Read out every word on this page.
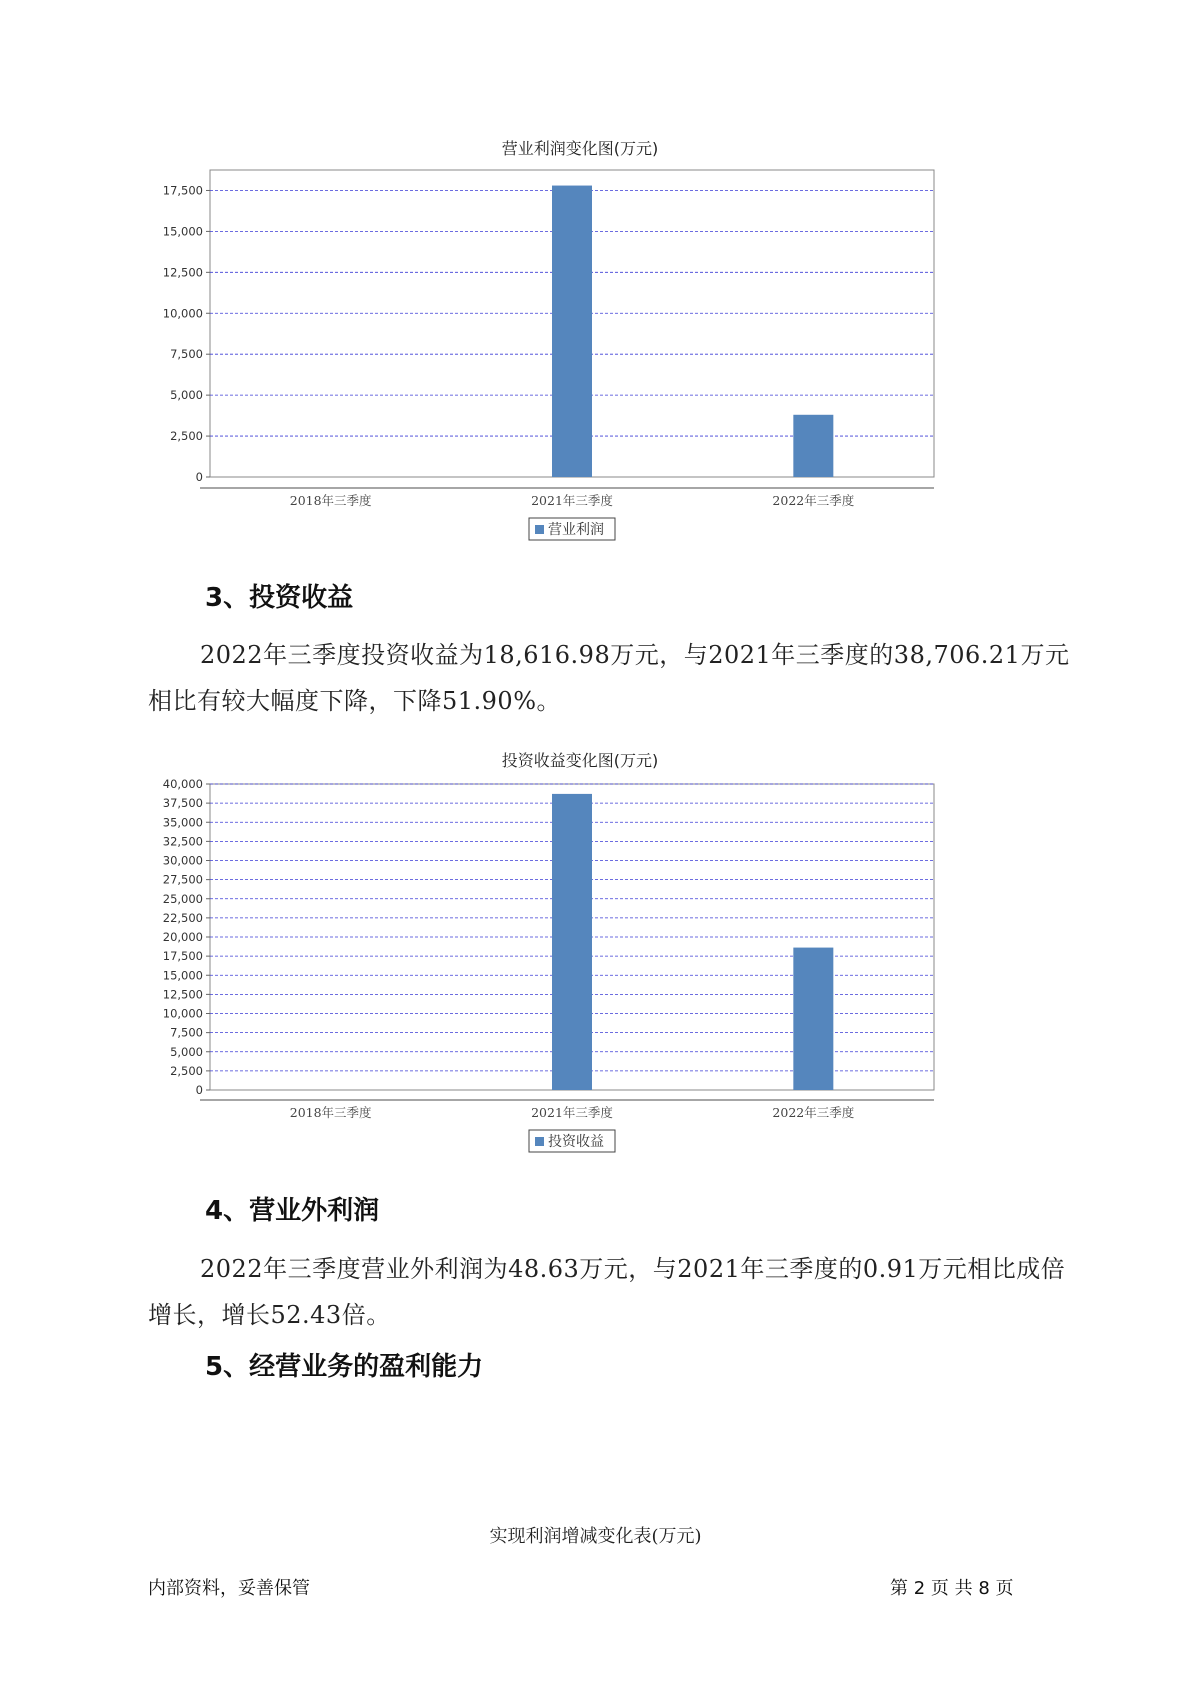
营业利润变化图(万元)
0
2,500
5,000
7,500
10,000
12,500
15,000
17,500
2018年三季度	2021年三季度	2022年三季度
营业利润
3、投资收益
2022年三季度投资收益为18,616.98万元，与2021年三季度的38,706.21万元相比有较大幅度下降，下降51.90%。
投资收益变化图(万元)
0
2,500
5,000
7,500
10,000
12,500
15,000
17,500
20,000
22,500
25,000
27,500
30,000
32,500
35,000
37,500
40,000
2018年三季度	2021年三季度	2022年三季度
投资收益
4、营业外利润
2022年三季度营业外利润为48.63万元，与2021年三季度的0.91万元相比成倍增长，增长52.43倍。
5、经营业务的盈利能力
实现利润增减变化表(万元)
内部资料，妥善保管	第 2 页 共 8 页
